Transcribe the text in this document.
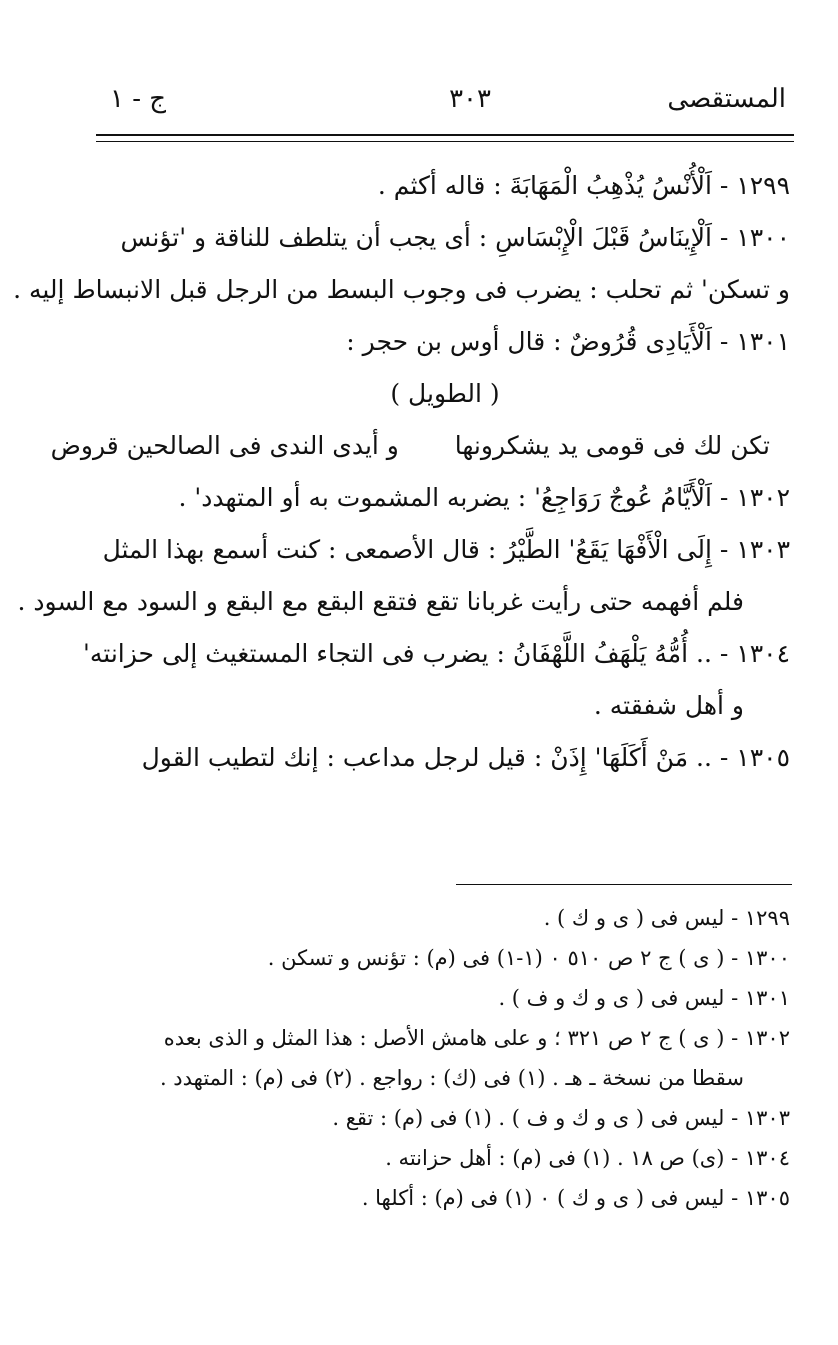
المستقصى
٣٠٣
ج - ١
١٢٩٩ - اَلْأُنْسُ يُذْهِبُ الْمَهَابَةَ : قاله أكثم .
١٣٠٠ - اَلْإِينَاسُ قَبْلَ الْإِبْسَاسِ : أى يجب أن يتلطف للناقة و 'تؤنس
و تسكن' ثم تحلب : يضرب فى وجوب البسط من الرجل قبل الانبساط إليه .
١٣٠١ - اَلْأَيَادِى قُرُوضٌ : قال أوس بن حجر :
( الطويل )
تكن لك فى قومى يد يشكرونها  و أيدى الندى فى الصالحين قروض
١٣٠٢ - اَلْأَيَّامُ عُوجٌ رَوَاجِعُ' : يضربه المشموت به أو المتهدد' .
١٣٠٣ - إِلَى الْأَفْهَا يَقَعُ' الطَّيْرُ : قال الأصمعى : كنت أسمع بهذا المثل
فلم أفهمه حتى رأيت غربانا تقع فتقع البقع مع البقع و السود مع السود .
١٣٠٤ - .. أُمُّهُ يَلْهَفُ اللَّهْفَانُ : يضرب فى التجاء المستغيث إلى حزانته'
و أهل شفقته .
١٣٠٥ - .. مَنْ أَكَلَهَا' إِذَنْ : قيل لرجل مداعب : إنك لتطيب القول
١٢٩٩ - ليس فى ( ى و ك ) .
١٣٠٠ - ( ى ) ج ٢ ص ٥١٠ ٠ (١-١) فى (م) : تؤنس و تسكن .
١٣٠١ - ليس فى ( ى و ك و ف ) .
١٣٠٢ - ( ى ) ج ٢ ص ٣٢١ ؛ و على هامش الأصل : هذا المثل و الذى بعده
سقطا من نسخة ـ هـ . (١) فى (ك) : رواجع . (٢) فى (م) : المتهدد .
١٣٠٣ - ليس فى ( ى و ك و ف ) . (١) فى (م) : تقع .
١٣٠٤ - (ى) ص ١٨ . (١) فى (م) : أهل حزانته .
١٣٠٥ - ليس فى ( ى و ك ) ٠ (١) فى (م) : أكلها .
